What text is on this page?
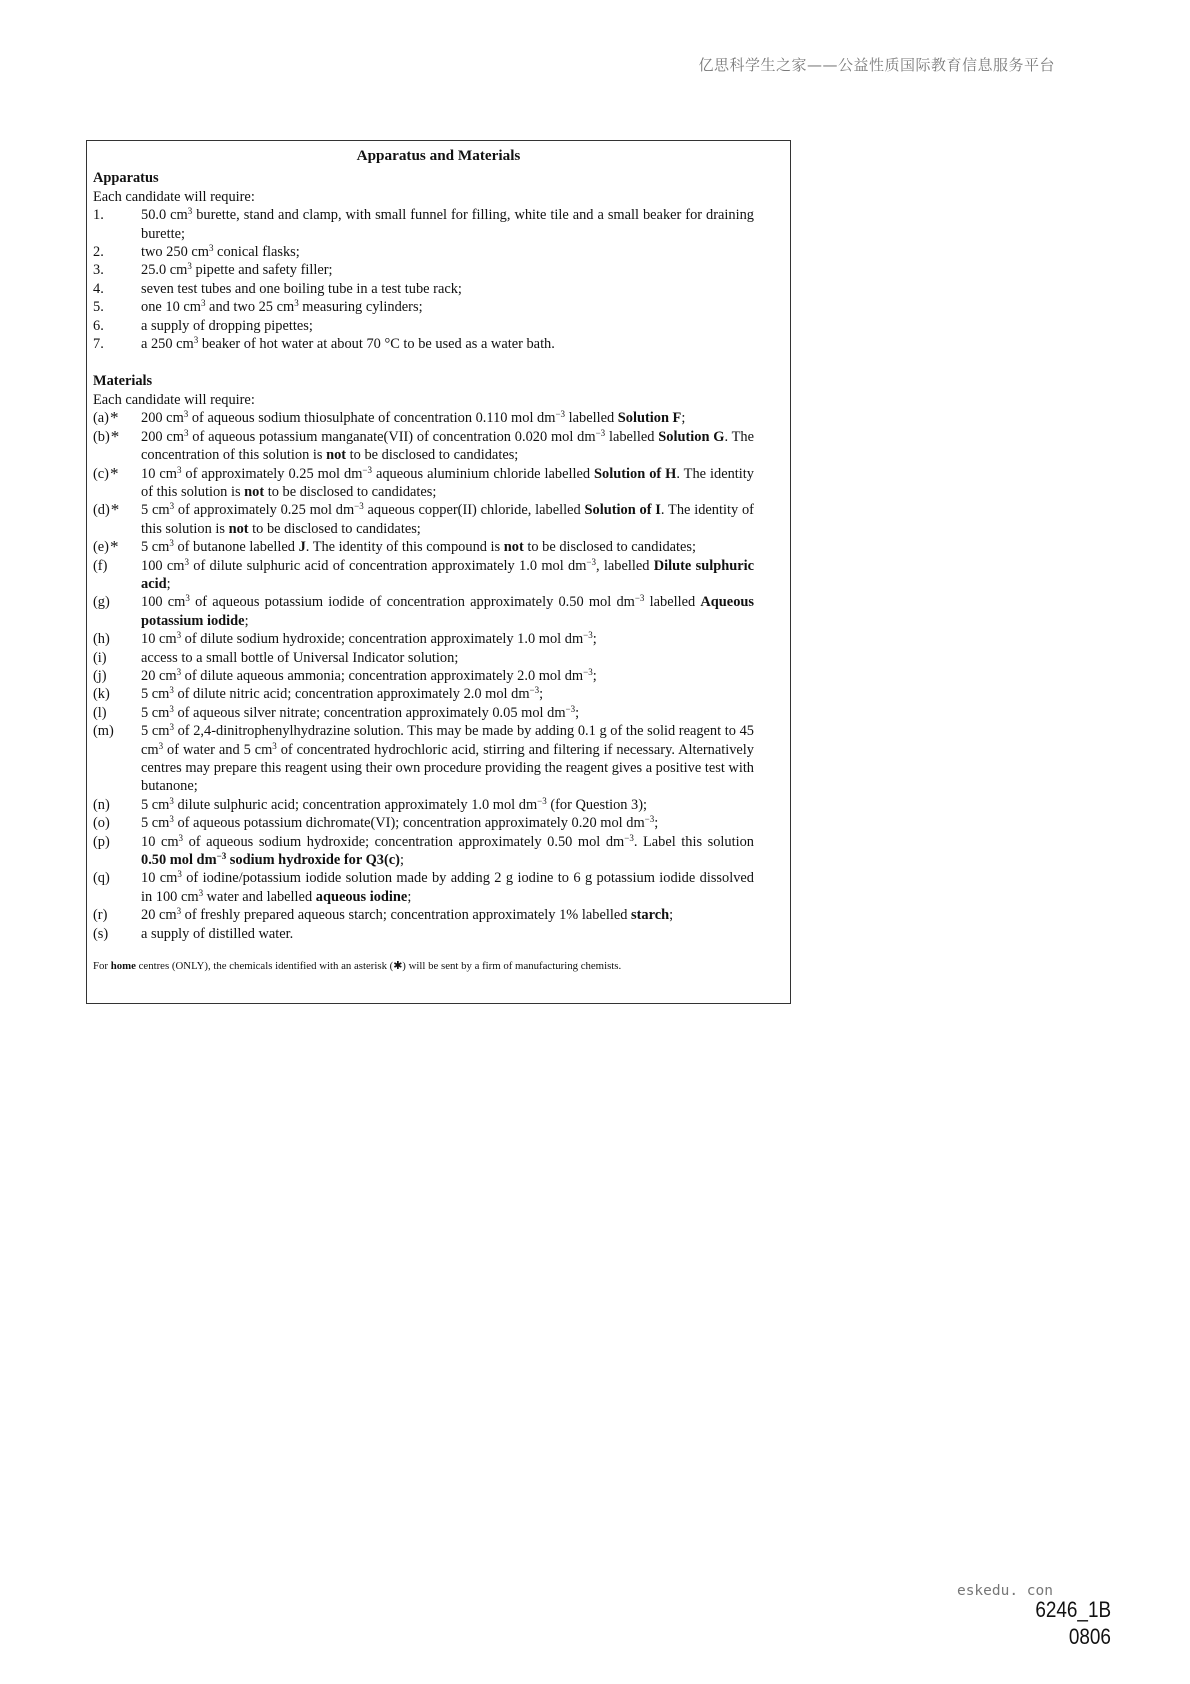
亿思科学生之家——公益性质国际教育信息服务平台
Apparatus and Materials
Apparatus
Each candidate will require:
1.	50.0 $cm^3$ burette, stand and clamp, with small funnel for filling, white tile and a small beaker for draining burette;
2.	two 250 $cm^3$ conical flasks;
3.	25.0 $cm^3$ pipette and safety filler;
4.	seven test tubes and one boiling tube in a test tube rack;
5.	one 10 $cm^3$ and two 25 $cm^3$ measuring cylinders;
6.	a supply of dropping pipettes;
7.	a 250 $cm^3$ beaker of hot water at about 70 °C to be used as a water bath.
Materials
Each candidate will require:
(a)*	200 $cm^3$ of aqueous sodium thiosulphate of concentration 0.110 mol $dm^{-3}$ labelled Solution F;
(b)*	200 $cm^3$ of aqueous potassium manganate(VII) of concentration 0.020 mol $dm^{-3}$ labelled Solution G. The concentration of this solution is not to be disclosed to candidates;
(c)*	10 $cm^3$ of approximately 0.25 mol $dm^{-3}$ aqueous aluminium chloride labelled Solution of H. The identity of this solution is not to be disclosed to candidates;
(d)*	5 $cm^3$ of approximately 0.25 mol $dm^{-3}$ aqueous copper(II) chloride, labelled Solution of I. The identity of this solution is not to be disclosed to candidates;
(e)*	5 $cm^3$ of butanone labelled J. The identity of this compound is not to be disclosed to candidates;
(f)	100 $cm^3$ of dilute sulphuric acid of concentration approximately 1.0 mol $dm^{-3}$, labelled Dilute sulphuric acid;
(g)	100 $cm^3$ of aqueous potassium iodide of concentration approximately 0.50 mol $dm^{-3}$ labelled Aqueous potassium iodide;
(h)	10 $cm^3$ of dilute sodium hydroxide; concentration approximately 1.0 mol $dm^{-3}$;
(i)	access to a small bottle of Universal Indicator solution;
(j)	20 $cm^3$ of dilute aqueous ammonia; concentration approximately 2.0 mol $dm^{-3}$;
(k)	5 $cm^3$ of dilute nitric acid; concentration approximately 2.0 mol $dm^{-3}$;
(l)	5 $cm^3$ of aqueous silver nitrate; concentration approximately 0.05 mol $dm^{-3}$;
(m)	5 $cm^3$ of 2,4-dinitrophenylhydrazine solution. This may be made by adding 0.1 g of the solid reagent to 45 $cm^3$ of water and 5 $cm^3$ of concentrated hydrochloric acid, stirring and filtering if necessary. Alternatively centres may prepare this reagent using their own procedure providing the reagent gives a positive test with butanone;
(n)	5 $cm^3$ dilute sulphuric acid; concentration approximately 1.0 mol $dm^{-3}$ (for Question 3);
(o)	5 $cm^3$ of aqueous potassium dichromate(VI); concentration approximately 0.20 mol $dm^{-3}$;
(p)	10 $cm^3$ of aqueous sodium hydroxide; concentration approximately 0.50 mol $dm^{-3}$. Label this solution 0.50 mol $dm^{-3}$ sodium hydroxide for Q3(c);
(q)	10 $cm^3$ of iodine/potassium iodide solution made by adding 2 g iodine to 6 g potassium iodide dissolved in 100 $cm^3$ water and labelled aqueous iodine;
(r)	20 $cm^3$ of freshly prepared aqueous starch; concentration approximately 1% labelled starch;
(s)	a supply of distilled water.
For home centres (ONLY), the chemicals identified with an asterisk (✱) will be sent by a firm of manufacturing chemists.
eskedu. con
6246_1B
0806
